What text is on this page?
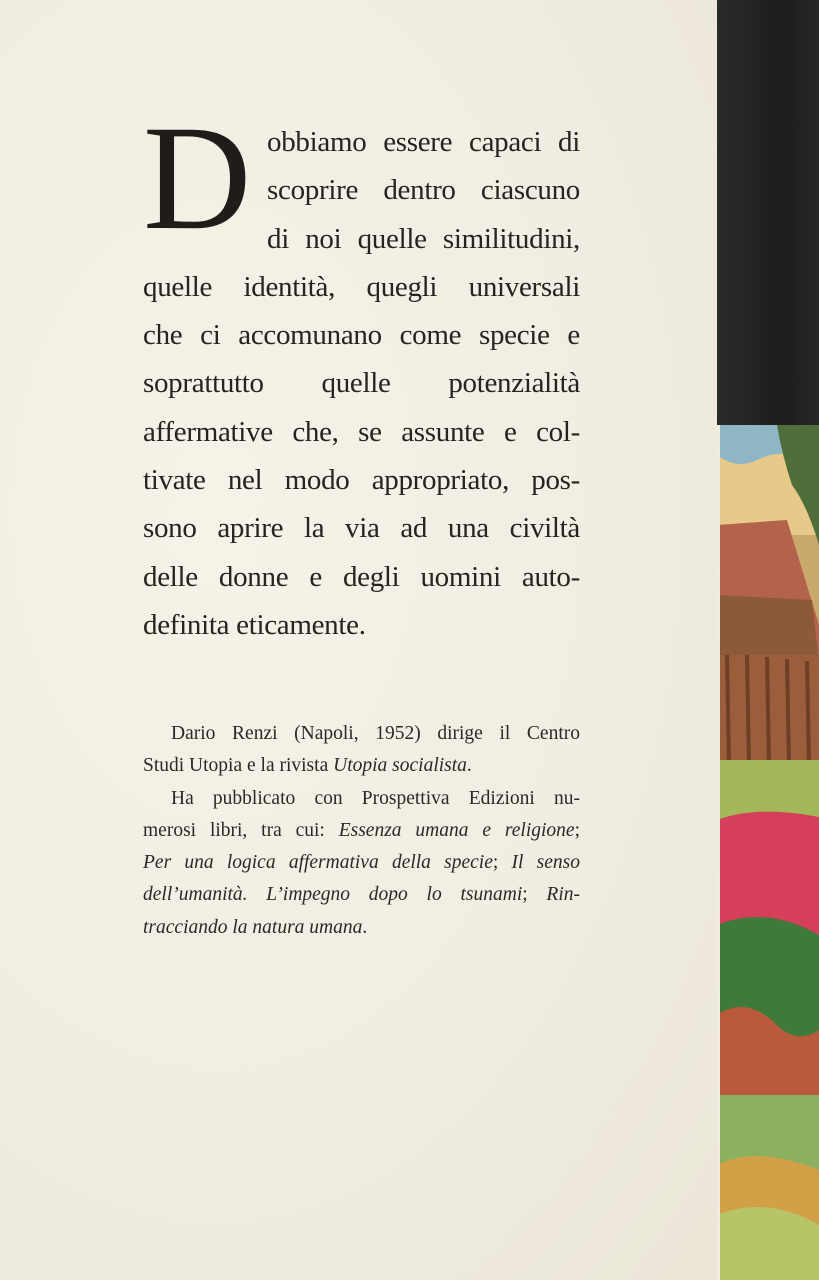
D obbiamo essere capaci di
scoprire dentro ciascuno
di noi quelle similitudini,
quelle identità, quegli universali
che ci accomunano come specie e
soprattutto quelle potenzialità
affermative che, se assunte e col-
tivate nel modo appropriato, pos-
sono aprire la via ad una civiltà
delle donne e degli uomini auto-
definita eticamente.
Dario Renzi (Napoli, 1952) dirige il Centro
Studi Utopia e la rivista Utopia socialista.
Ha pubblicato con Prospettiva Edizioni nu-
merosi libri, tra cui: Essenza umana e religione;
Per una logica affermativa della specie; Il senso
dell’umanità. L’impegno dopo lo tsunami; Rin-
tracciando la natura umana.
